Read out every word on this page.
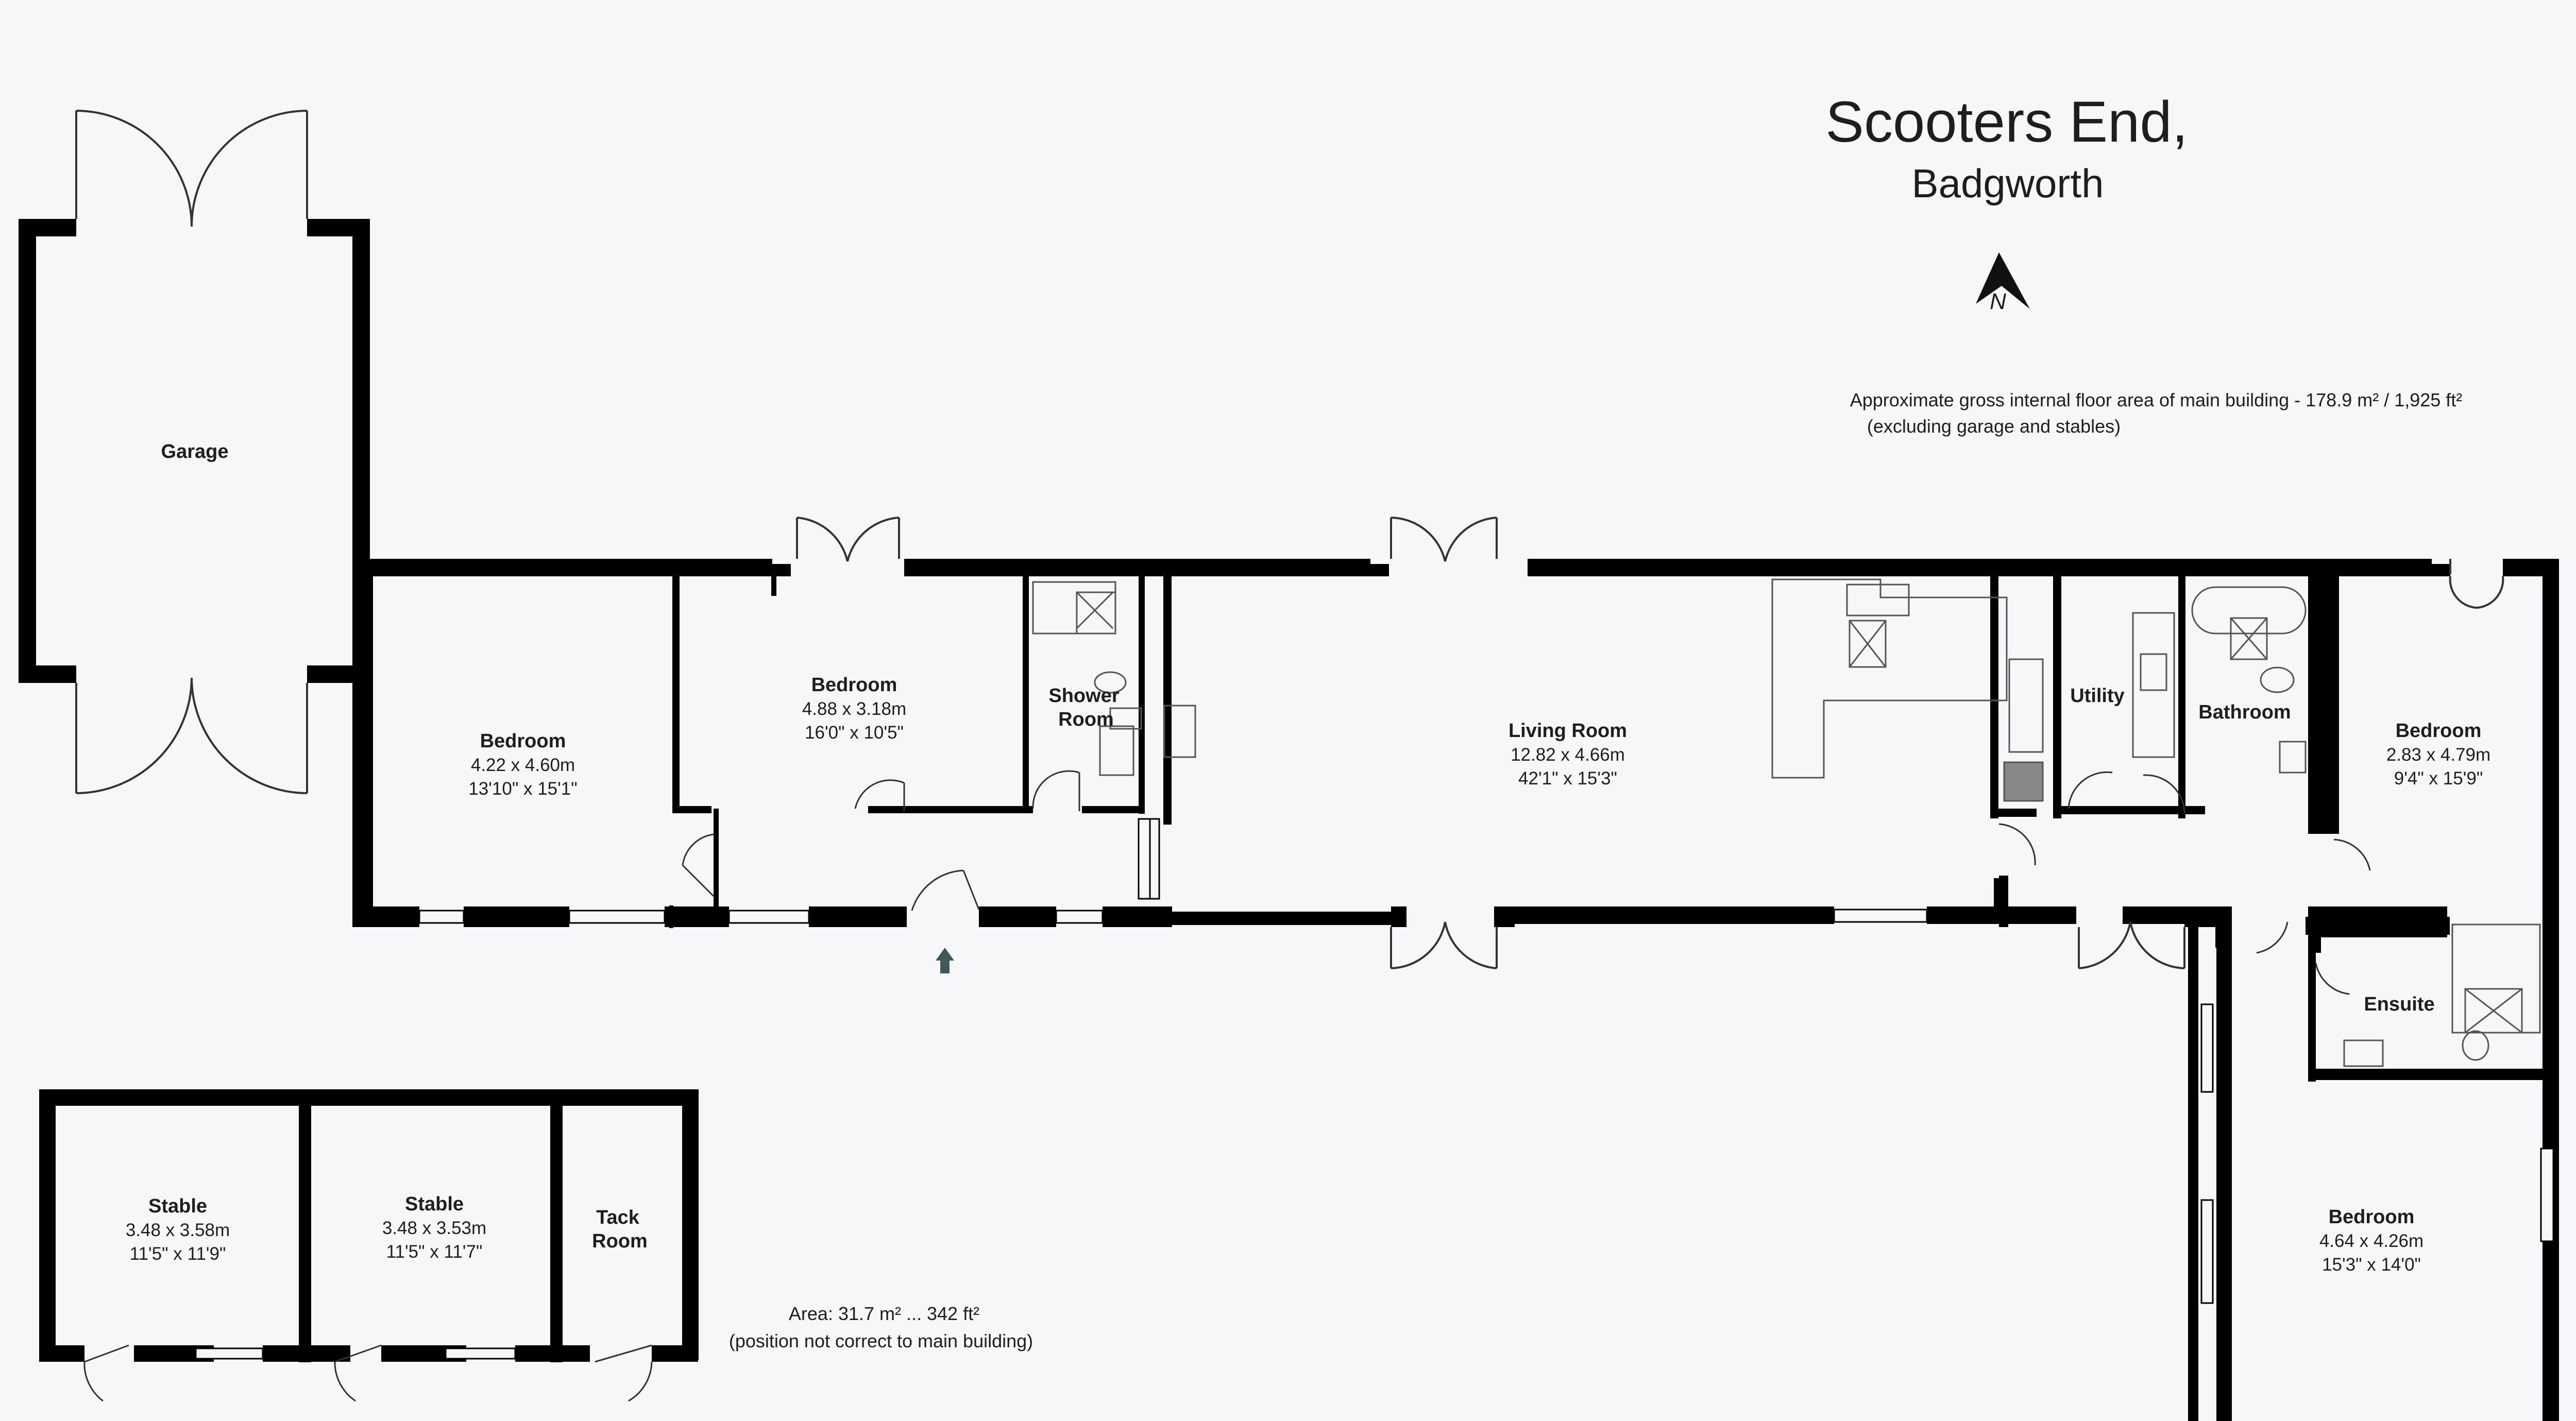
Scooters End,
Badgworth
N
Approximate gross internal floor area of main building - 178.9 m² / 1,925 ft²
(excluding garage and stables)
Garage
Bedroom
4.22 x 4.60m
13'10" x 15'1"
Bedroom
4.88 x 3.18m
16'0" x 10'5"
Shower
Room
Living Room
12.82 x 4.66m
42'1" x 15'3"
Utility
Bathroom
Bedroom
2.83 x 4.79m
9'4" x 15'9"
Ensuite
Bedroom
4.64 x 4.26m
15'3" x 14'0"
Stable
3.48 x 3.58m
11'5" x 11'9"
Stable
3.48 x 3.53m
11'5" x 11'7"
Tack
Room
Area: 31.7 m² ... 342 ft²
(position not correct to main building)
